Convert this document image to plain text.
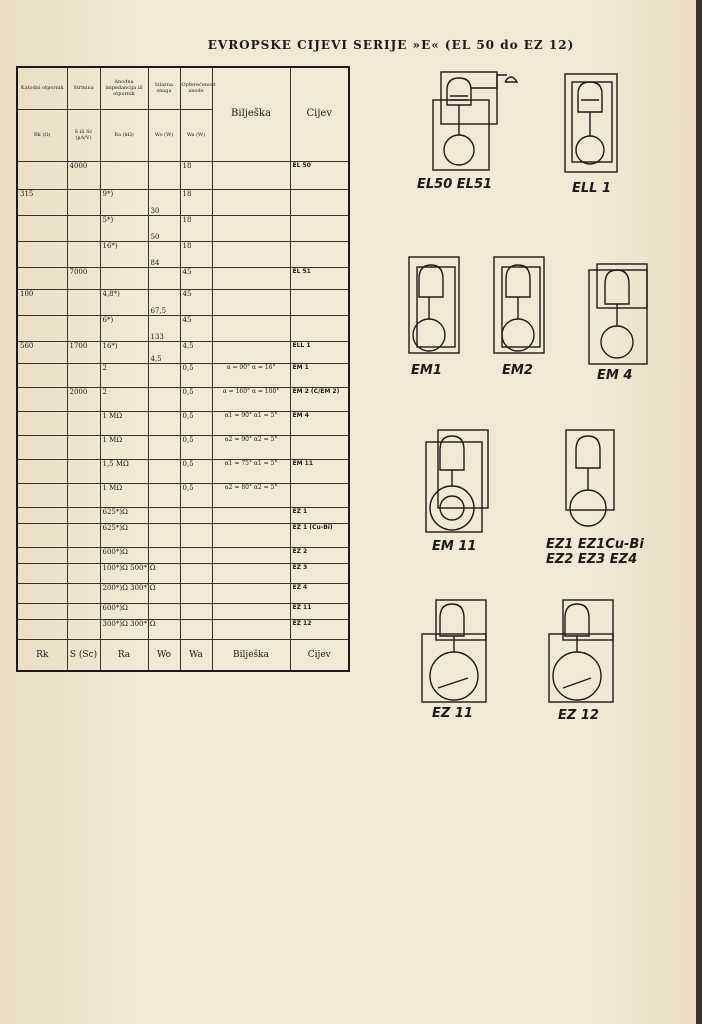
EVROPSKE CIJEVI SERIJE »E« (EL 50 do EZ 12)
Katodni otpornik	Strmina	Anodna impedancija ili otpornik	Izlazna snaga	Opterećenost anode	Bilješka	Cijev
Rk (Ω)	S ili Sc (µA/V)	Ra (kΩ)	Wo (W)	Wa (W)		
	4000			18		EL 50
315		9*)	30	18		
		5*)	50	18		
		16*)	84	18		
	7000			45		EL 51
100		4,8*)	67,5	45		
		6*)	133	45		
560	1700	16*)	4,5	4,5		ELL 1
		2		0,5	α = 90° α = 16°	EM 1
	2000	2		0,5	α = 160° α = 100°	EM 2 (C/EM 2)
		1 MΩ		0,5	α1 = 90° α1 = 5°	EM 4
		1 MΩ		0,5	α2 = 90° α2 = 5°	
		1,5 MΩ		0,5	α1 = 75° α1 = 5°	EM 11
		1 MΩ		0,5	α2 = 80° α2 = 5°	
		625*)Ω				EZ 1
		625*)Ω				EZ 1 (Cu-Bi)
		600*)Ω				EZ 2
		100*)Ω 500*)Ω				EZ 3
		200*)Ω 300*)Ω				EZ 4
		600*)Ω				EZ 11
		300*)Ω 300*)Ω				EZ 12
Rk	S (Sc)	Ra	Wo	Wa	Bilješka	Cijev
EL50 EL51	ELL 1
EM1	EM2	EM 4
EM 11	EZ1 EZ1Cu-Bi
EZ2 EZ3 EZ4
EZ 11	EZ 12
